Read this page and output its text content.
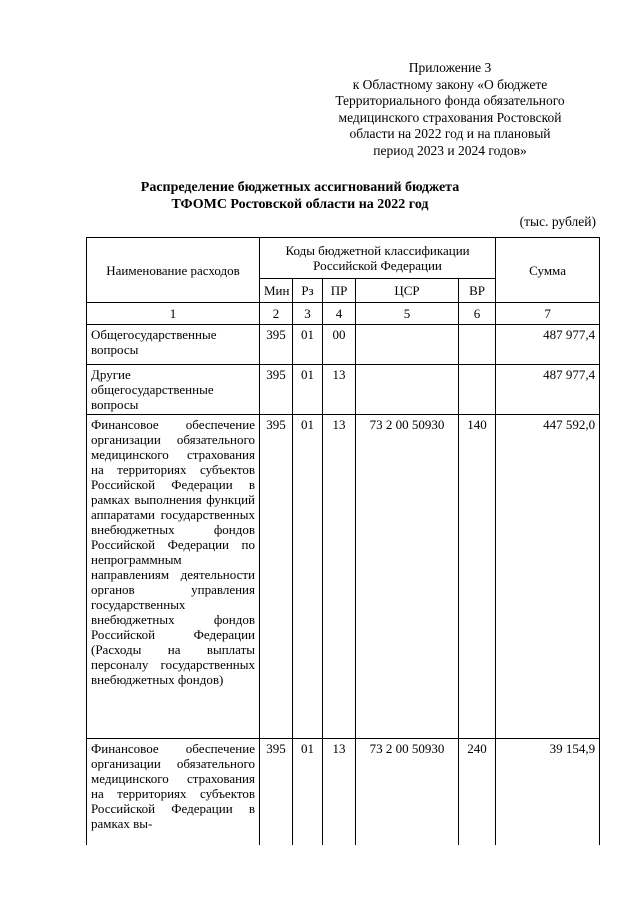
Приложение 3
к Областному закону «О бюджете
Территориального фонда обязательного
медицинского страхования Ростовской
области на 2022 год и на плановый
период 2023 и 2024 годов»
Распределение бюджетных ассигнований бюджета
ТФОМС Ростовской области на 2022 год
(тыс. рублей)
Наименование расходов	Коды бюджетной классификации Российской Федерации					Сумма
	Мин	Рз	ПР	ЦСР	ВР	
1	2	3	4	5	6	7
Общегосударственные вопросы	395	01	00			487 977,4
Другие общегосударственные вопросы	395	01	13			487 977,4
Финансовое обеспечение организации обязательного медицинского страхования на территориях субъектов Российской Федерации в рамках выполнения функций аппаратами государственных внебюджетных фондов Российской Федерации по непрограммным направлениям деятельности органов управления государственных внебюджетных фондов Российской Федерации (Расходы на выплаты персоналу государственных внебюджетных фондов)	395	01	13	73 2 00 50930	140	447 592,0
Финансовое обеспечение организации обязательного медицинского страхования на территориях субъектов Российской Федерации в рамках вы-	395	01	13	73 2 00 50930	240	39 154,9
